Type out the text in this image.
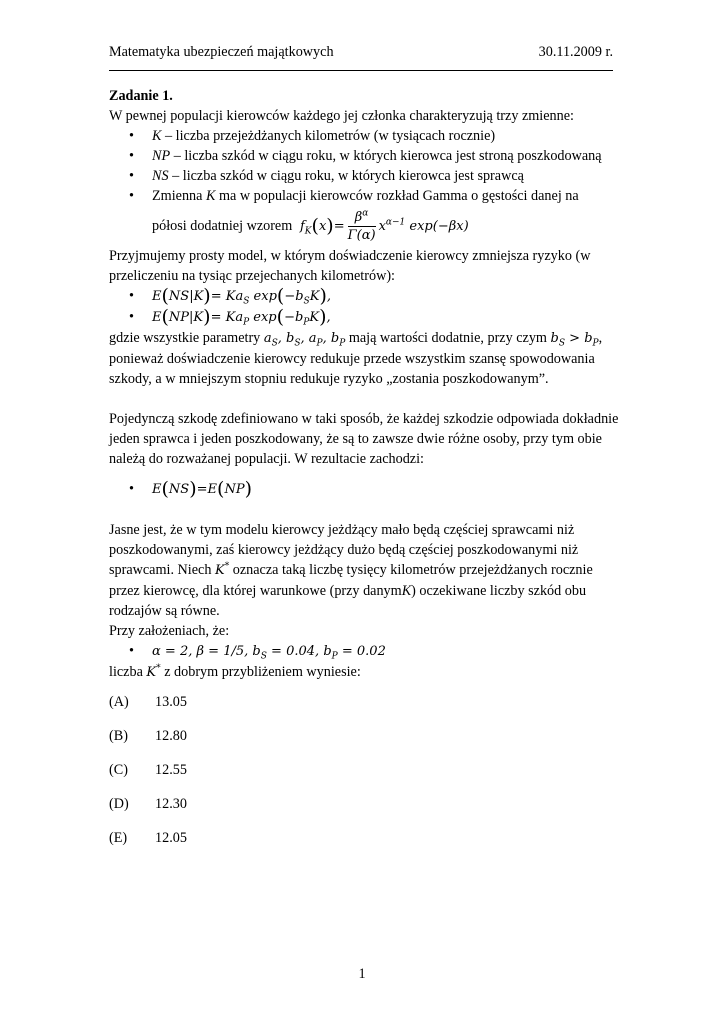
Matematyka ubezpieczeń majątkowych	30.11.2009 r.
Zadanie 1.

W pewnej populacji kierowców każdego jej członka charakteryzują trzy zmienne:

• K – liczba przejeżdżanych kilometrów (w tysiącach rocznie)
• NP – liczba szkód w ciągu roku, w których kierowca jest stroną poszkodowaną
• NS – liczba szkód w ciągu roku, w których kierowca jest sprawcą
• Zmienna K ma w populacji kierowców rozkład Gamma o gęstości danej na
półosi dodatniej wzorem  $f_K(x)= \frac{\beta^\alpha}{\Gamma(\alpha)} x^{\alpha-1}$ exp(−βx)

Przyjmujemy prosty model, w którym doświadczenie kierowcy zmniejsza ryzyko (w przeliczeniu na tysiąc przejechanych kilometrów):

• $E(NS|K)= Ka_S$ $\exp(-b_SK)$,
• $E(NP|K)= Ka_P$ $\exp(-b_PK)$,

gdzie wszystkie parametry $a_S$, $b_S$, $a_P$, $b_P$ mają wartości dodatnie, przy czym $b_S > b_P$, ponieważ doświadczenie kierowcy redukuje przede wszystkim szansę spowodowania szkody, a w mniejszym stopniu redukuje ryzyko „zostania poszkodowanym”.

Pojedynczą szkodę zdefiniowano w taki sposób, że każdej szkodzie odpowiada dokładnie jeden sprawca i jeden poszkodowany, że są to zawsze dwie różne osoby, przy tym obie należą do rozważanej populacji. W rezultacie zachodzi:

• E(NS)=E(NP)

Jasne jest, że w tym modelu kierowcy jeżdżący mało będą częściej sprawcami niż poszkodowanymi, zaś kierowcy jeżdżący dużo będą częściej poszkodowanymi niż sprawcami. Niech K* oznacza taką liczbę tysięcy kilometrów przejeżdżanych rocznie przez kierowcę, dla której warunkowe (przy danymK) oczekiwane liczby szkód obu rodzajów są równe.

Przy założeniach, że:

• α = 2, β = 1/5, $b_S = 0.04$, $b_P = 0.02$

liczba K* z dobrym przybliżeniem wyniesie:

(A) 13.05
(B) 12.80
(C) 12.55
(D) 12.30
(E) 12.05
1
